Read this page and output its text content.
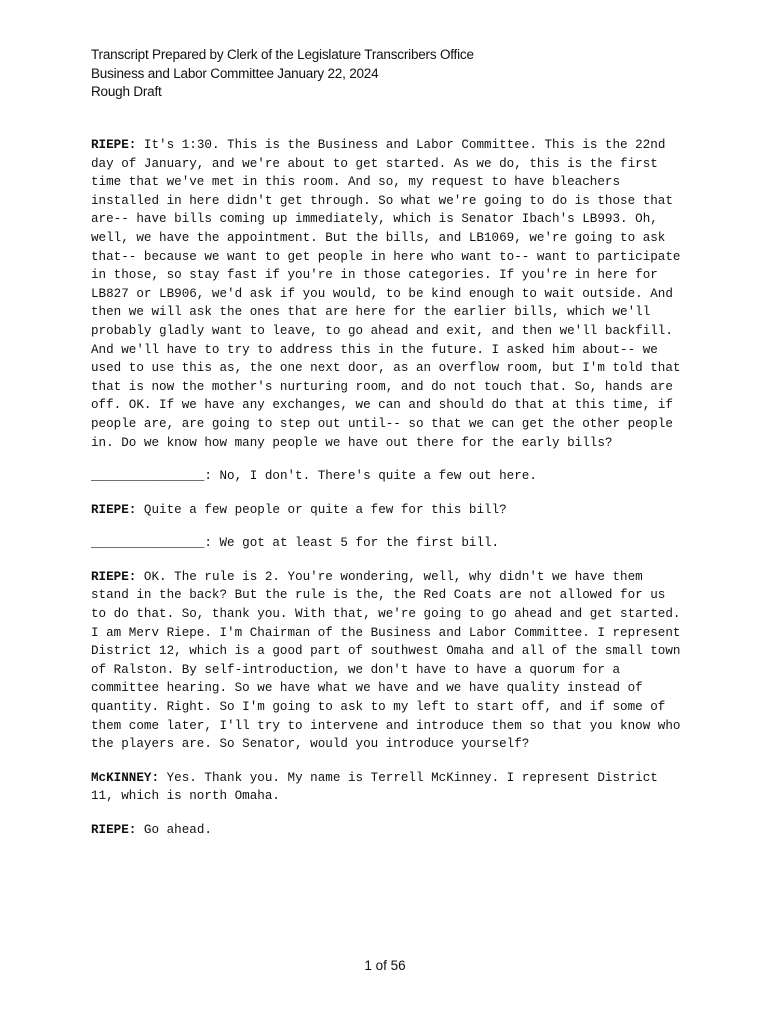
Transcript Prepared by Clerk of the Legislature Transcribers Office
Business and Labor Committee January 22, 2024
Rough Draft

RIEPE: It's 1:30. This is the Business and Labor Committee. This is the 22nd day of January, and we're about to get started. As we do, this is the first time that we've met in this room. And so, my request to have bleachers installed in here didn't get through. So what we're going to do is those that are-- have bills coming up immediately, which is Senator Ibach's LB993. Oh, well, we have the appointment. But the bills, and LB1069, we're going to ask that-- because we want to get people in here who want to-- want to participate in those, so stay fast if you're in those categories. If you're in here for LB827 or LB906, we'd ask if you would, to be kind enough to wait outside. And then we will ask the ones that are here for the earlier bills, which we'll probably gladly want to leave, to go ahead and exit, and then we'll backfill. And we'll have to try to address this in the future. I asked him about-- we used to use this as, the one next door, as an overflow room, but I'm told that that is now the mother's nurturing room, and do not touch that. So, hands are off. OK. If we have any exchanges, we can and should do that at this time, if people are, are going to step out until-- so that we can get the other people in. Do we know how many people we have out there for the early bills?

_______________: No, I don't. There's quite a few out here.

RIEPE: Quite a few people or quite a few for this bill?

_______________: We got at least 5 for the first bill.

RIEPE: OK. The rule is 2. You're wondering, well, why didn't we have them stand in the back? But the rule is the, the Red Coats are not allowed for us to do that. So, thank you. With that, we're going to go ahead and get started. I am Merv Riepe. I'm Chairman of the Business and Labor Committee. I represent District 12, which is a good part of southwest Omaha and all of the small town of Ralston. By self-introduction, we don't have to have a quorum for a committee hearing. So we have what we have and we have quality instead of quantity. Right. So I'm going to ask to my left to start off, and if some of them come later, I'll try to intervene and introduce them so that you know who the players are. So Senator, would you introduce yourself?

McKINNEY: Yes. Thank you. My name is Terrell McKinney. I represent District 11, which is north Omaha.

RIEPE: Go ahead.

1 of 56
